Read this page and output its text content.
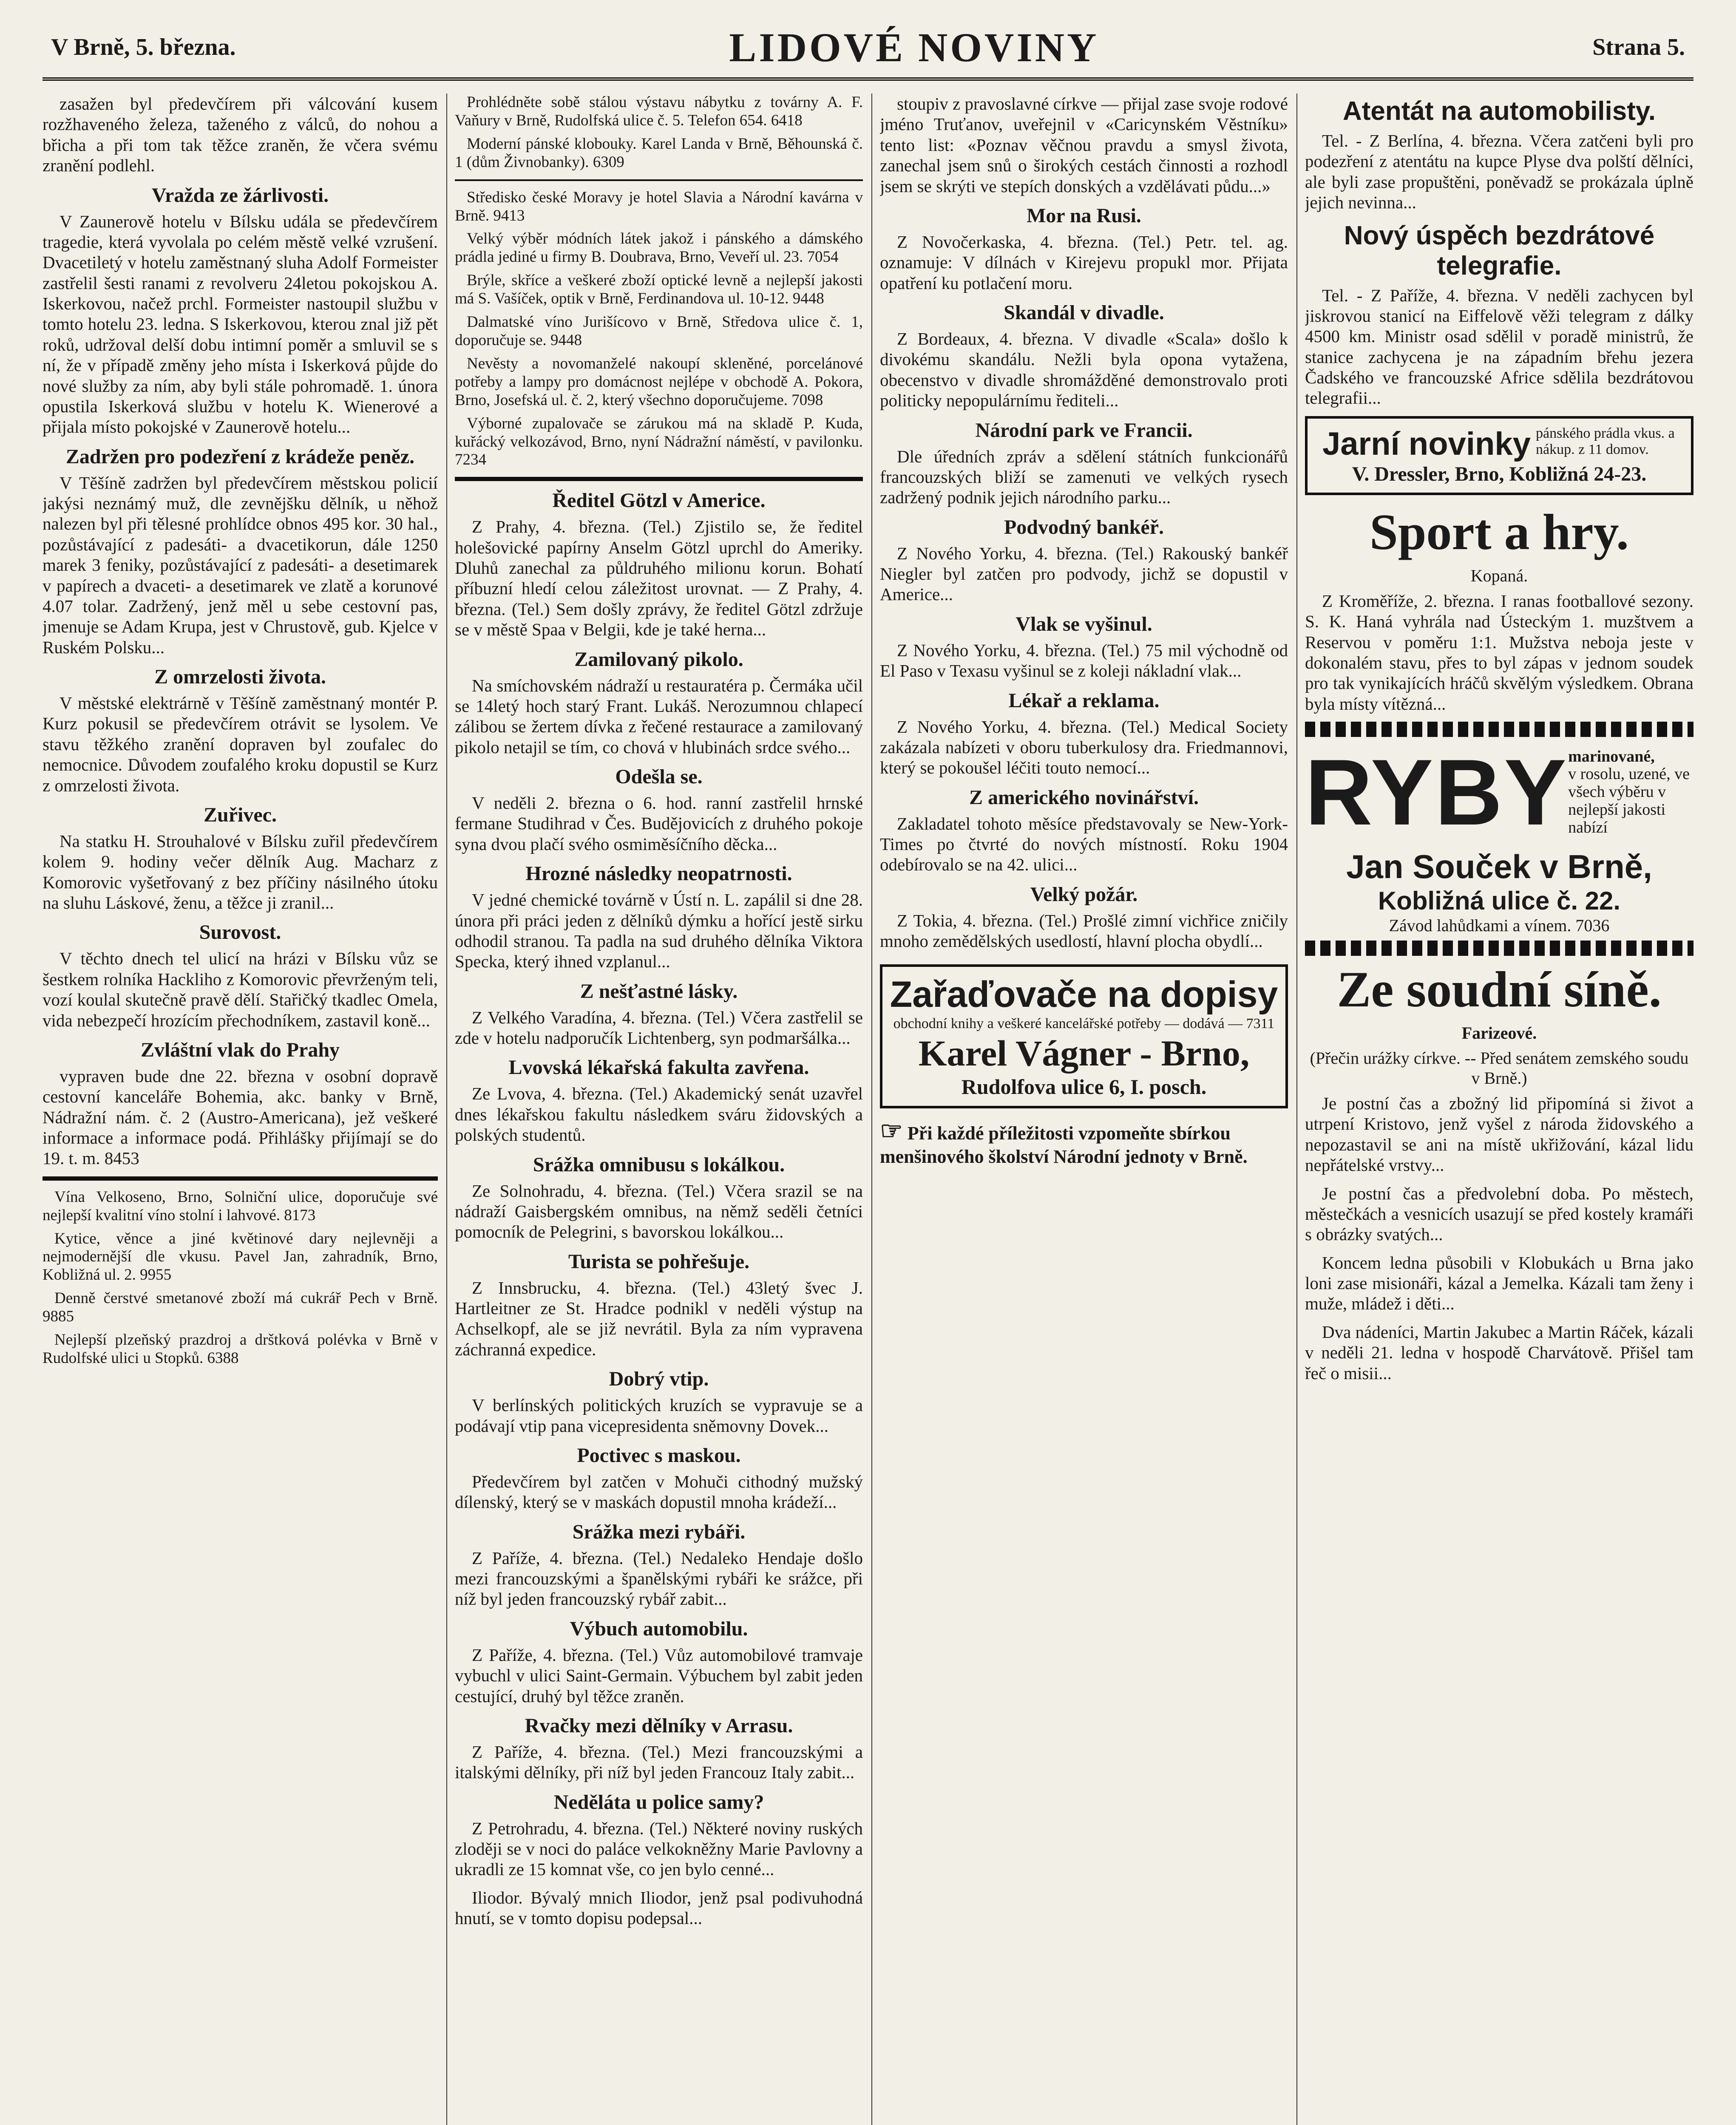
V Brně, 5. března.	LIDOVÉ NOVINY	Strana 5.

zasažen byl předevčírem při válcování kusem rozžhaveného železa, taženého z válců, do nohou a břicha a při tom tak těžce zraněn, že včera svému zranění podlehl.

Vražda ze žárlivosti.

V Zaunerově hotelu v Bílsku udála se předevčírem tragedie, která vyvolala po celém městě velké vzrušení. Dvacetiletý v hotelu zaměstnaný sluha Adolf Formeister zastřelil šesti ranami z revolveru 24letou pokojskou A. Iskerkovou, načež prchl. Formeister nastoupil službu v tomto hotelu 23. ledna. S Iskerkovou, kterou znal již pět roků, udržoval delší dobu intimní poměr a smluvil se s ní, že v případě změny jeho místa i Iskerková půjde do nové služby za ním, aby byli stále pohromadě. 1. února opustila Iskerková službu v hotelu K. Wienerové a přijala místo pokojské v Zaunerově hotelu...

Zadržen pro podezření z krádeže peněz.

V Těšíně zadržen byl předevčírem městskou policií jakýsi neznámý muž, dle zevnějšku dělník, u něhož nalezen byl při tělesné prohlídce obnos 495 kor. 30 hal., pozůstávající z padesáti- a dvacetikorun, dále 1250 marek 3 feniky, pozůstávající z padesáti- a desetimarek v papírech a dvaceti- a desetimarek ve zlatě a korunové 4.07 tolar. Zadržený, jenž měl u sebe cestovní pas, jmenuje se Adam Krupa, jest v Chrustově, gub. Kjelce v Ruském Polsku...

Z omrzelosti života.

V městské elektrárně v Těšíně zaměstnaný montér P. Kurz pokusil se předevčírem otrávit se lysolem. Ve stavu těžkého zranění dopraven byl zoufalec do nemocnice. Důvodem zoufalého kroku dopustil se Kurz z omrzelosti života.

Zuřivec.

Na statku H. Strouhalové v Bílsku zuřil předevčírem kolem 9. hodiny večer dělník Aug. Macharz z Komorovic vyšetřovaný z bez příčiny násilného útoku na sluhu Láskové, ženu, a těžce ji zranil...

Surovost.

V těchto dnech tel ulicí na hrázi v Bílsku vůz se šestkem rolníka Hackliho z Komorovic převrženým teli, vozí koulal skutečně pravě dělí. Stařičký tkadlec Omela, vida nebezpečí hrozícím přechodníkem, zastavil koně...

Zvláštní vlak do Prahy

vypraven bude dne 22. března v osobní dopravě cestovní kanceláře Bohemia, akc. banky v Brně, Nádražní nám. č. 2 (Austro-Americana), jež veškeré informace a informace podá. Přihlášky přijímají se do 19. t. m. 8453

Vína Velkoseno, Brno, Solniční ulice, doporučuje své nejlepší kvalitní víno stolní i lahvové. 8173

Kytice, věnce a jiné květinové dary nejlevněji a nejmodernější dle vkusu. Pavel Jan, zahradník, Brno, Kobližná ul. 2. 9955

Denně čerstvé smetanové zboží má cukrář Pech v Brně. 9885

Nejlepší plzeňský prazdroj a drštková polévka v Brně v Rudolfské ulici u Stopků. 6388

Prohlédněte sobě stálou výstavu nábytku z továrny A. F. Vaňury v Brně, Rudolfská ulice č. 5. Telefon 654. 6418

Moderní pánské klobouky. Karel Landa v Brně, Běhounská č. 1 (dům Živnobanky). 6309

Středisko české Moravy je hotel Slavia a Národní kavárna v Brně. 9413

Velký výběr módních látek jakož i pánského a dámského prádla jediné u firmy B. Doubrava, Brno, Veveří ul. 23. 7054

Brýle, skříce a veškeré zboží optické levně a nejlepší jakosti má S. Vašíček, optik v Brně, Ferdinandova ul. 10-12. 9448

Dalmatské víno Jurišícovo v Brně, Středova ulice č. 1, doporučuje se. 9448

Nevěsty a novomanželé nakoupí skleněné, porcelánové potřeby a lampy pro domácnost nejlépe v obchodě A. Pokora, Brno, Josefská ul. č. 2, který všechno doporučujeme. 7098

Výborné zupalovače se zárukou má na skladě P. Kuda, kuřácký velkozávod, Brno, nyní Nádražní náměstí, v pavilonku. 7234

Ředitel Götzl v Americe.

Z Prahy, 4. března. (Tel.) Zjistilo se, že ředitel holešovické papírny Anselm Götzl uprchl do Ameriky. Dluhů zanechal za půldruhého milionu korun. Bohatí příbuzní hledí celou záležitost urovnat. — Z Prahy, 4. března. (Tel.) Sem došly zprávy, že ředitel Götzl zdržuje se v městě Spaa v Belgii, kde je také herna...

Zamilovaný pikolo.

Na smíchovském nádraží u restauratéra p. Čermáka učil se 14letý hoch starý Frant. Lukáš. Nerozumnou chlapecí zálibou se žertem dívka z řečené restaurace a zamilovaný pikolo netajil se tím, co chová v hlubinách srdce svého...

Odešla se.

V neděli 2. března o 6. hod. ranní zastřelil hrnské fermane Studihrad v Čes. Budějovicích z druhého pokoje syna dvou plačí svého osmiměsíčního děcka...

Hrozné následky neopatrnosti.

V jedné chemické továrně v Ústí n. L. zapálil si dne 28. února při práci jeden z dělníků dýmku a hořící jestě sirku odhodil stranou. Ta padla na sud druhého dělníka Viktora Specka, který ihned vzplanul...

Z nešťastné lásky.

Z Velkého Varadína, 4. března. (Tel.) Včera zastřelil se zde v hotelu nadporučík Lichtenberg, syn podmaršálka...

Lvovská lékařská fakulta zavřena.

Ze Lvova, 4. března. (Tel.) Akademický senát uzavřel dnes lékařskou fakultu následkem sváru židovských a polských studentů.

Srážka omnibusu s lokálkou.

Ze Solnohradu, 4. března. (Tel.) Včera srazil se na nádraží Gaisbergském omnibus, na němž seděli četníci pomocník de Pelegrini, s bavorskou lokálkou...

Turista se pohřešuje.

Z Innsbrucku, 4. března. (Tel.) 43letý švec J. Hartleitner ze St. Hradce podnikl v neděli výstup na Achselkopf, ale se již nevrátil. Byla za ním vypravena záchranná expedice.

Dobrý vtip.

V berlínských politických kruzích se vypravuje se a podávají vtip pana vicepresidenta sněmovny Dovek...

Poctivec s maskou.

Předevčírem byl zatčen v Mohuči cithodný mužský dílenský, který se v maskách dopustil mnoha krádeží...

Srážka mezi rybáři.

Z Paříže, 4. března. (Tel.) Nedaleko Hendaje došlo mezi francouzskými a španělskými rybáři ke srážce, při níž byl jeden francouzský rybář zabit...

Výbuch automobilu.

Z Paříže, 4. března. (Tel.) Vůz automobilové tramvaje vybuchl v ulici Saint-Germain. Výbuchem byl zabit jeden cestující, druhý byl těžce zraněn.

Rvačky mezi dělníky v Arrasu.

Z Paříže, 4. března. (Tel.) Mezi francouzskými a italskými dělníky, při níž byl jeden Francouz Italy zabit...

Neděláta u police samy?

Z Petrohradu, 4. března. (Tel.) Některé noviny ruských zloději se v noci do paláce velkokněžny Marie Pavlovny a ukradli ze 15 komnat vše, co jen bylo cenné...

Iliodor. Bývalý mnich Iliodor, jenž psal podivuhodná hnutí, se v tomto dopisu podepsal...

stoupiv z pravoslavné církve — přijal zase svoje rodové jméno Truťanov, uveřejnil v «Caricynském Věstníku» tento list: «Poznav věčnou pravdu a smysl života, zanechal jsem snů o širokých cestách činnosti a rozhodl jsem se skrýti ve stepích donských a vzdělávati půdu...»

Mor na Rusi.

Z Novočerkaska, 4. března. (Tel.) Petr. tel. ag. oznamuje: V dílnách v Kirejevu propukl mor. Přijata opatření ku potlačení moru.

Skandál v divadle.

Z Bordeaux, 4. března. V divadle «Scala» došlo k divokému skandálu. Nežli byla opona vytažena, obecenstvo v divadle shromážděné demonstrovalo proti politicky nepopulárnímu řediteli...

Národní park ve Francii.

Dle úředních zpráv a sdělení státních funkcionářů francouzských bliží se zamenuti ve velkých rysech zadržený podnik jejich národního parku...

Podvodný bankéř.

Z Nového Yorku, 4. března. (Tel.) Rakouský bankéř Niegler byl zatčen pro podvody, jichž se dopustil v Americe...

Vlak se vyšinul.

Z Nového Yorku, 4. března. (Tel.) 75 mil východně od El Paso v Texasu vyšinul se z koleji nákladní vlak...

Lékař a reklama.

Z Nového Yorku, 4. března. (Tel.) Medical Society zakázala nabízeti v oboru tuberkulosy dra. Friedmannovi, který se pokoušel léčiti touto nemocí...

Z amerického novinářství.

Zakladatel tohoto měsíce představovaly se New-York-Times po čtvrté do nových místností. Roku 1904 odebírovalo se na 42. ulici...

Velký požár.

Z Tokia, 4. března. (Tel.) Prošlé zimní vichřice zničily mnoho zemědělských usedlostí, hlavní plocha obydlí...

Zařaďovače na dopisy
obchodní knihy a veškeré kancelářské potřeby — dodává — 7311
Karel Vágner - Brno,
Rudolfova ulice 6, I. posch.
☞ Při každé příležitosti vzpomeňte sbírkou menšinového školství Národní jednoty v Brně.
Atentát na automobilisty.

Tel. - Z Berlína, 4. března. Včera zatčeni byli pro podezření z atentátu na kupce Plyse dva polští dělníci, ale byli zase propuštěni, poněvadž se prokázala úplně jejich nevinna...

Nový úspěch bezdrátové telegrafie.

Tel. - Z Paříže, 4. března. V neděli zachycen byl jiskrovou stanicí na Eiffelově věži telegram z dálky 4500 km. Ministr osad sdělil v poradě ministrů, že stanice zachycena je na západním břehu jezera Čadského ve francouzské Africe sdělila bezdrátovou telegrafii...

Jarní novinky pánského prádla vkus. a nákup. z 11 domov.
V. Dressler, Brno, Kobližná 24-23.
Sport a hry.
Kopaná.

Z Kroměříže, 2. března. I ranas footballové sezony. S. K. Haná vyhrála nad Ústeckým 1. muzštvem a Reservou v poměru 1:1. Mužstva neboja jeste v dokonalém stavu, přes to byl zápas v jednom soudek pro tak vynikajících hráčů skvělým výsledkem. Obrana byla místy vítězná...

RYBY marinované,
v rosolu, uzené, ve všech výběru v nejlepší jakosti nabízí
Jan Souček v Brně,
Kobližná ulice č. 22.
Závod lahůdkami a vínem. 7036
Ze soudní síně.
Farizeové.
(Přečin urážky církve. -- Před senátem zemského soudu v Brně.)

Je postní čas a zbožný lid připomíná si život a utrpení Kristovo, jenž vyšel z národa židovského a nepozastavil se ani na místě ukřižování, kázal lidu nepřátelské vrstvy...

Je postní čas a předvolební doba. Po městech, městečkách a vesnicích usazují se před kostely kramáři s obrázky svatých...

Koncem ledna působili v Klobukách u Brna jako loni zase misionáři, kázal a Jemelka. Kázali tam ženy i muže, mládež i děti...

Dva nádeníci, Martin Jakubec a Martin Ráček, kázali v neděli 21. ledna v hospodě Charvátově. Přišel tam řeč o misii...
